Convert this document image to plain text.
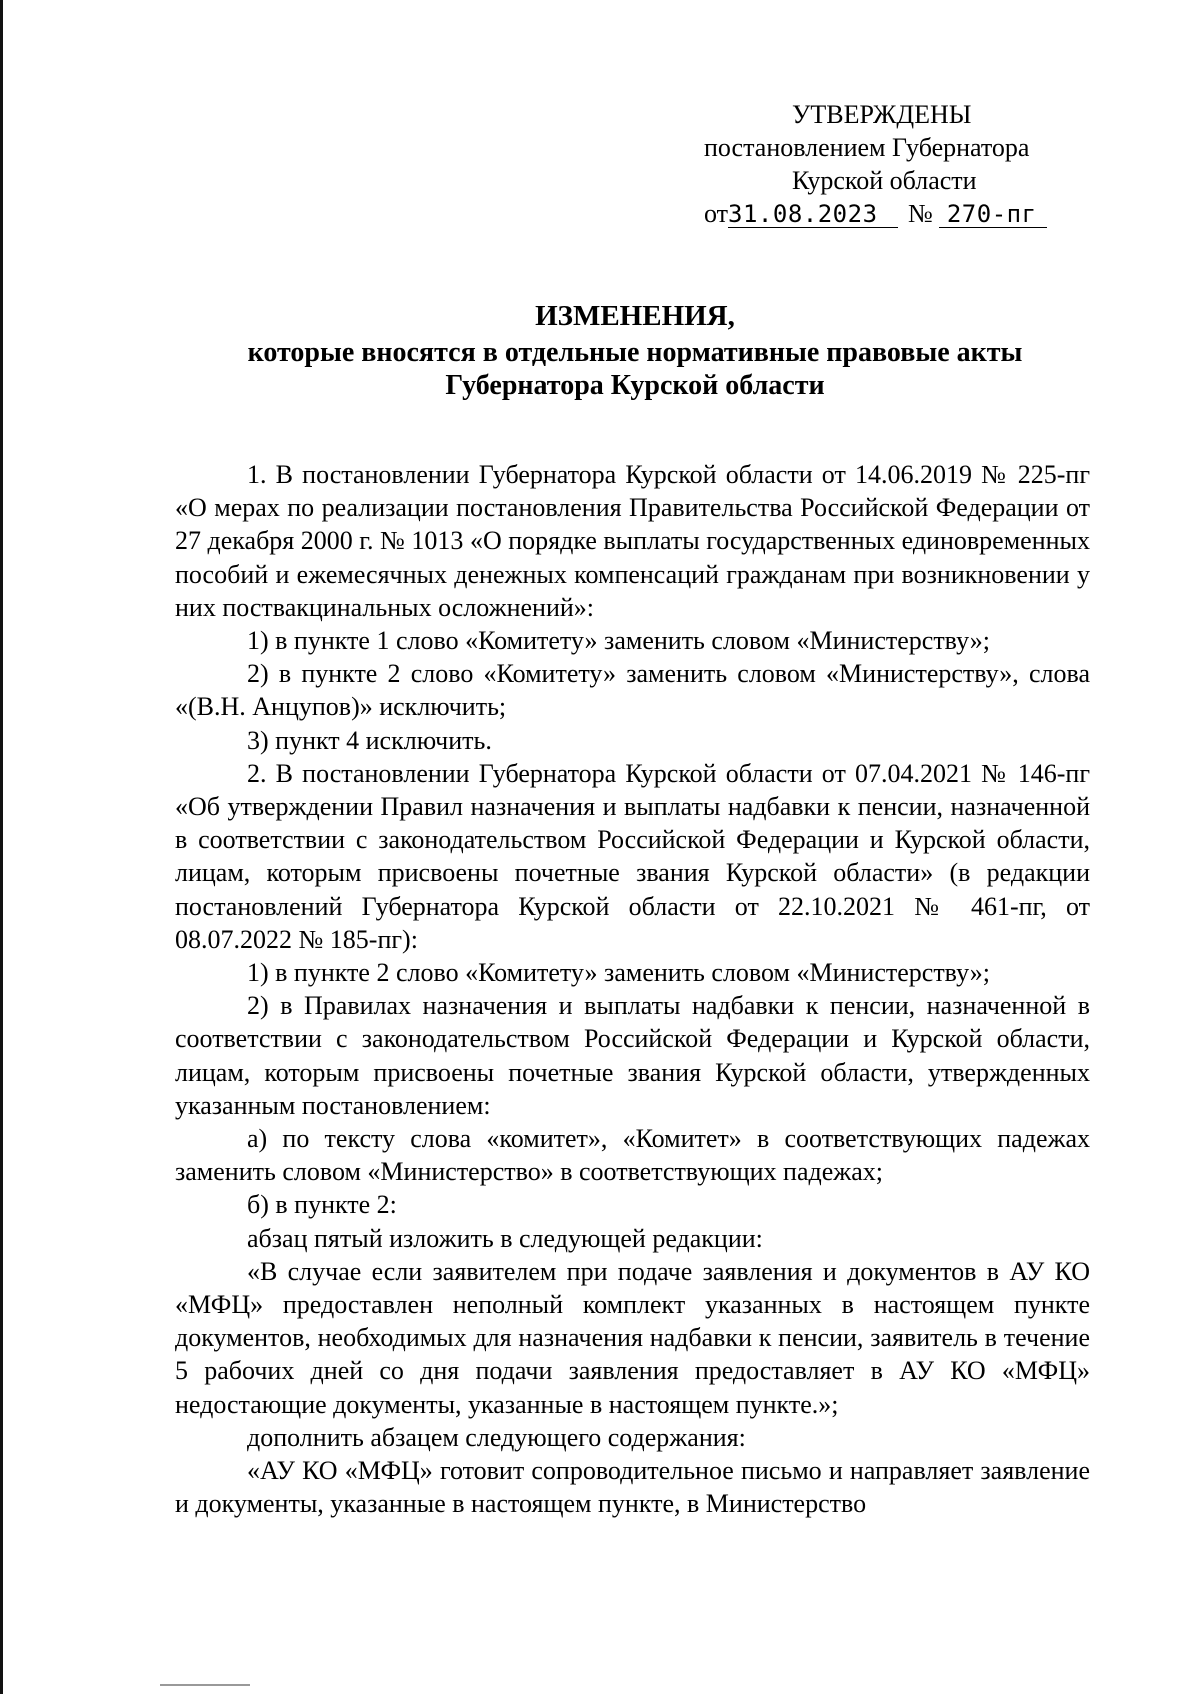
УТВЕРЖДЕНЫ
постановлением Губернатора
Курской области
от31.08.2023 № 270-пг
ИЗМЕНЕНИЯ,
которые вносятся в отдельные нормативные правовые акты
Губернатора Курской области

1. В постановлении Губернатора Курской области от 14.06.2019 № 225-пг «О мерах по реализации постановления Правительства Российской Федерации от 27 декабря 2000 г. № 1013 «О порядке выплаты государственных единовременных пособий и ежемесячных денежных компенсаций гражданам при возникновении у них поствакцинальных осложнений»:

1) в пункте 1 слово «Комитету» заменить словом «Министерству»;

2) в пункте 2 слово «Комитету» заменить словом «Министерству», слова «(В.Н. Анцупов)» исключить;

3) пункт 4 исключить.

2. В постановлении Губернатора Курской области от 07.04.2021 № 146-пг «Об утверждении Правил назначения и выплаты надбавки к пенсии, назначенной в соответствии с законодательством Российской Федерации и Курской области, лицам, которым присвоены почетные звания Курской области» (в редакции постановлений Губернатора Курской области от 22.10.2021 № 461-пг, от 08.07.2022 № 185-пг):

1) в пункте 2 слово «Комитету» заменить словом «Министерству»;

2) в Правилах назначения и выплаты надбавки к пенсии, назначенной в соответствии с законодательством Российской Федерации и Курской области, лицам, которым присвоены почетные звания Курской области, утвержденных указанным постановлением:

а) по тексту слова «комитет», «Комитет» в соответствующих падежах заменить словом «Министерство» в соответствующих падежах;

б) в пункте 2:

абзац пятый изложить в следующей редакции:

«В случае если заявителем при подаче заявления и документов в АУ КО «МФЦ» предоставлен неполный комплект указанных в настоящем пункте документов, необходимых для назначения надбавки к пенсии, заявитель в течение 5 рабочих дней со дня подачи заявления предоставляет в АУ КО «МФЦ» недостающие документы, указанные в настоящем пункте.»;

дополнить абзацем следующего содержания:

«АУ КО «МФЦ» готовит сопроводительное письмо и направляет заявление и документы, указанные в настоящем пункте, в Министерство
